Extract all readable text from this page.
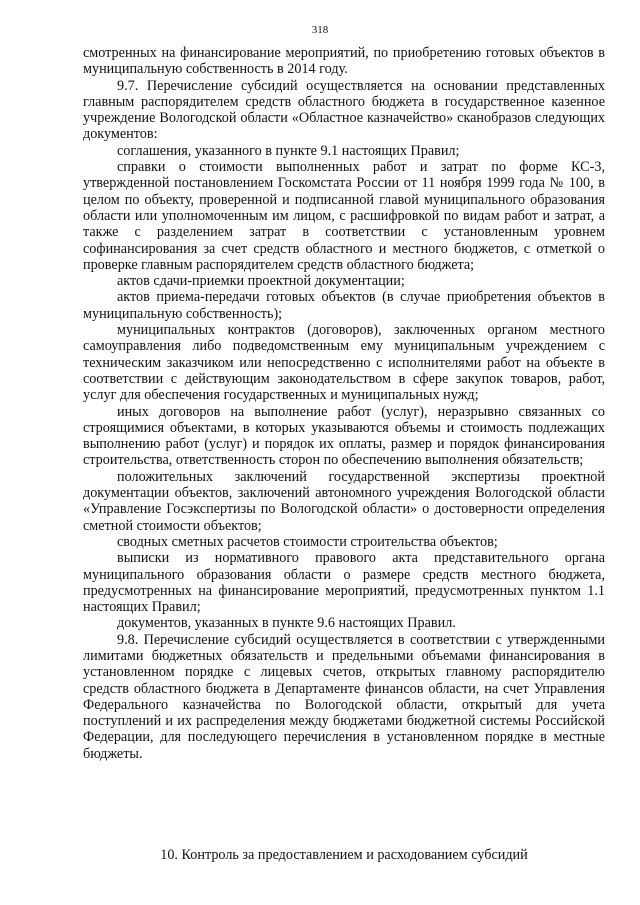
318

смотренных на финансирование мероприятий, по приобретению готовых объектов в муниципальную собственность в 2014 году.

9.7. Перечисление субсидий осуществляется на основании представленных главным распорядителем средств областного бюджета в государственное казенное учреждение Вологодской области «Областное казначейство» сканобразов следующих документов:

соглашения, указанного в пункте 9.1 настоящих Правил;

справки о стоимости выполненных работ и затрат по форме КС-3, утвержденной постановлением Госкомстата России от 11 ноября 1999 года № 100, в целом по объекту, проверенной и подписанной главой муниципального образования области или уполномоченным им лицом, с расшифровкой по видам работ и затрат, а также с разделением затрат в соответствии с установленным уровнем софинансирования за счет средств областного и местного бюджетов, с отметкой о проверке главным распорядителем средств областного бюджета;

актов сдачи-приемки проектной документации;

актов приема-передачи готовых объектов (в случае приобретения объектов в муниципальную собственность);

муниципальных контрактов (договоров), заключенных органом местного самоуправления либо подведомственным ему муниципальным учреждением с техническим заказчиком или непосредственно с исполнителями работ на объекте в соответствии с действующим законодательством в сфере закупок товаров, работ, услуг для обеспечения государственных и муниципальных нужд;

иных договоров на выполнение работ (услуг), неразрывно связанных со строящимися объектами, в которых указываются объемы и стоимость подлежащих выполнению работ (услуг) и порядок их оплаты, размер и порядок финансирования строительства, ответственность сторон по обеспечению выполнения обязательств;

положительных заключений государственной экспертизы проектной документации объектов, заключений автономного учреждения Вологодской области «Управление Госэкспертизы по Вологодской области» о достоверности определения сметной стоимости объектов;

сводных сметных расчетов стоимости строительства объектов;

выписки из нормативного правового акта представительного органа муниципального образования области о размере средств местного бюджета, предусмотренных на финансирование мероприятий, предусмотренных пунктом 1.1 настоящих Правил;

документов, указанных в пункте 9.6 настоящих Правил.

9.8. Перечисление субсидий осуществляется в соответствии с утвержденными лимитами бюджетных обязательств и предельными объемами финансирования в установленном порядке с лицевых счетов, открытых главному распорядителю средств областного бюджета в Департаменте финансов области, на счет Управления Федерального казначейства по Вологодской области, открытый для учета поступлений и их распределения между бюджетами бюджетной системы Российской Федерации, для последующего перечисления в установленном порядке в местные бюджеты.

10. Контроль за предоставлением и расходованием субсидий
